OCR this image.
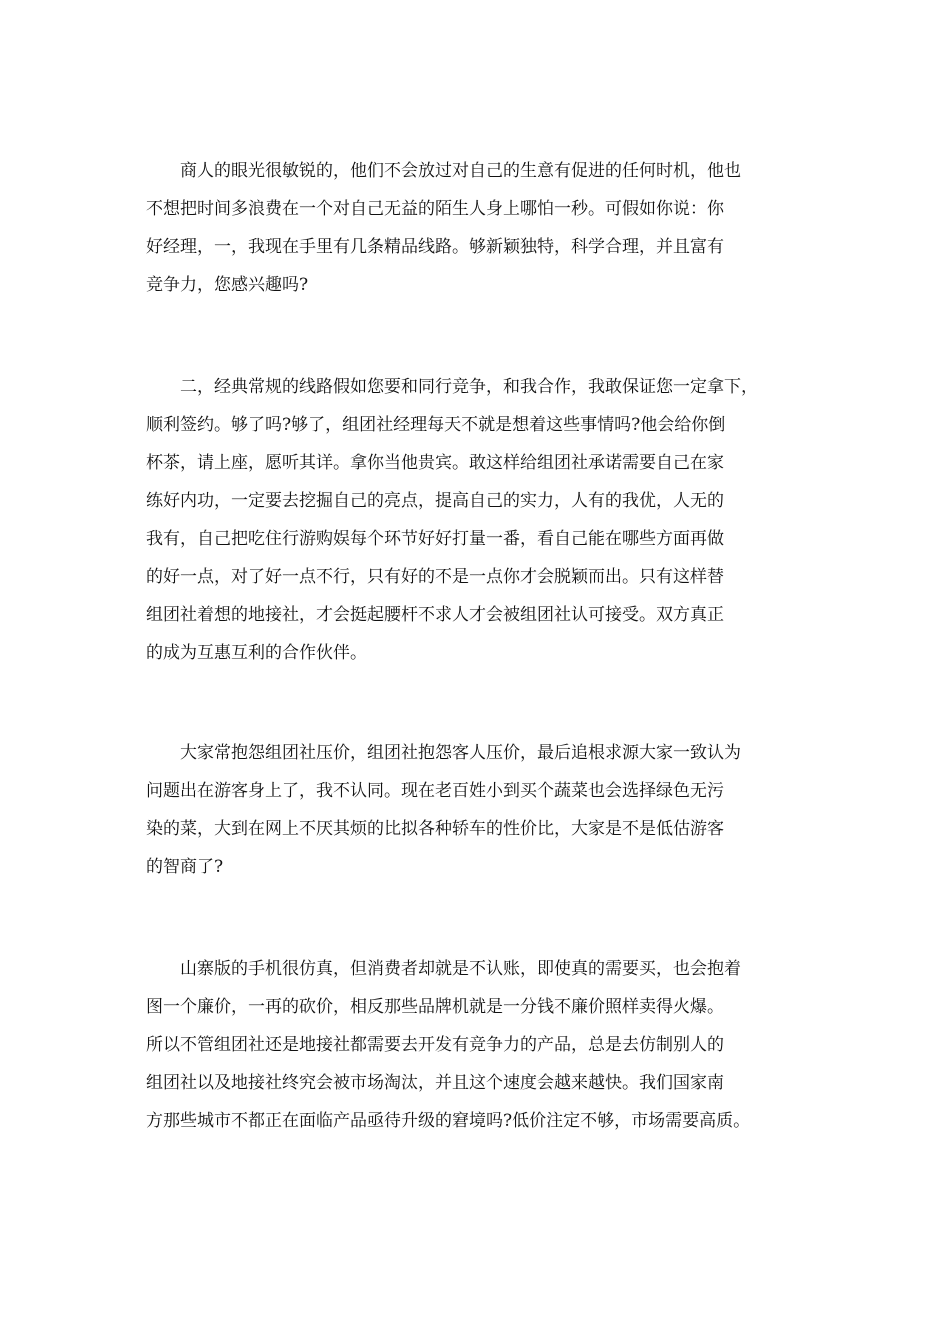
　　商人的眼光很敏锐的，他们不会放过对自己的生意有促进的任何时机，他也
不想把时间多浪费在一个对自己无益的陌生人身上哪怕一秒。可假如你说：你
好经理，一，我现在手里有几条精品线路。够新颖独特，科学合理，并且富有
竞争力，您感兴趣吗?
　　二，经典常规的线路假如您要和同行竞争，和我合作，我敢保证您一定拿下，
顺利签约。够了吗?够了，组团社经理每天不就是想着这些事情吗?他会给你倒
杯茶，请上座，愿听其详。拿你当他贵宾。敢这样给组团社承诺需要自己在家
练好内功，一定要去挖掘自己的亮点，提高自己的实力，人有的我优，人无的
我有，自己把吃住行游购娱每个环节好好打量一番，看自己能在哪些方面再做
的好一点，对了好一点不行，只有好的不是一点你才会脱颖而出。只有这样替
组团社着想的地接社，才会挺起腰杆不求人才会被组团社认可接受。双方真正
的成为互惠互利的合作伙伴。
　　大家常抱怨组团社压价，组团社抱怨客人压价，最后追根求源大家一致认为
问题出在游客身上了，我不认同。现在老百姓小到买个蔬菜也会选择绿色无污
染的菜，大到在网上不厌其烦的比拟各种轿车的性价比，大家是不是低估游客
的智商了?
　　山寨版的手机很仿真，但消费者却就是不认账，即使真的需要买，也会抱着
图一个廉价，一再的砍价，相反那些品牌机就是一分钱不廉价照样卖得火爆。
所以不管组团社还是地接社都需要去开发有竞争力的产品，总是去仿制别人的
组团社以及地接社终究会被市场淘汰，并且这个速度会越来越快。我们国家南
方那些城市不都正在面临产品亟待升级的窘境吗?低价注定不够，市场需要高质。
